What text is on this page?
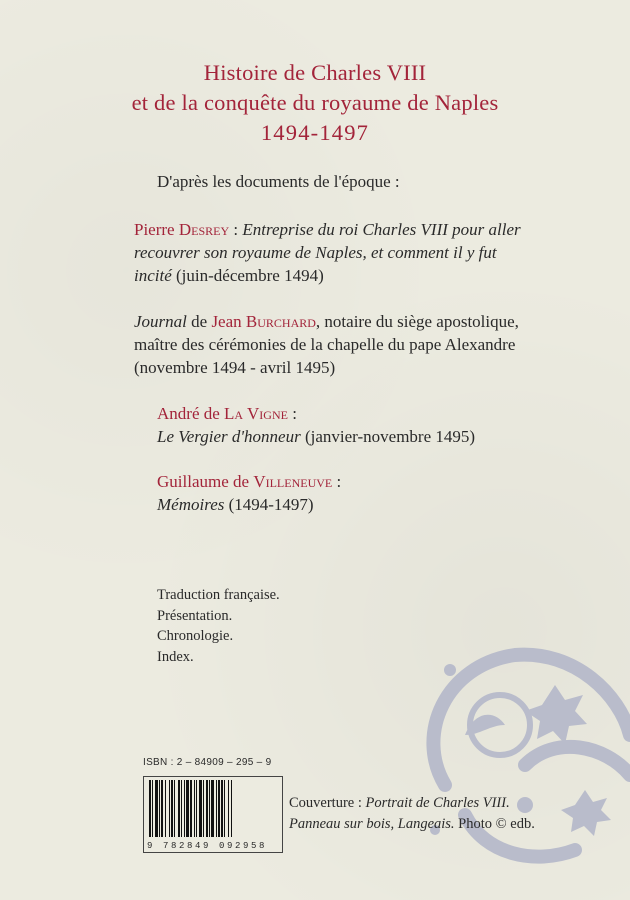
Histoire de Charles VIII
et de la conquête du royaume de Naples
1494-1497
D'après les documents de l'époque :
Pierre Desrey : Entreprise du roi Charles VIII pour aller recouvrer son royaume de Naples, et comment il y fut incité (juin-décembre 1494)
Journal de Jean Burchard, notaire du siège apostolique, maître des cérémonies de la chapelle du pape Alexandre (novembre 1494 - avril 1495)
André de La Vigne :
Le Vergier d'honneur (janvier-novembre 1495)
Guillaume de Villeneuve :
Mémoires (1494-1497)
Traduction française.
Présentation.
Chronologie.
Index.
ISBN : 2 – 84909 – 295 – 9
9 782849 092958
Couverture : Portrait de Charles VIII.
Panneau sur bois, Langeais. Photo © edb.
